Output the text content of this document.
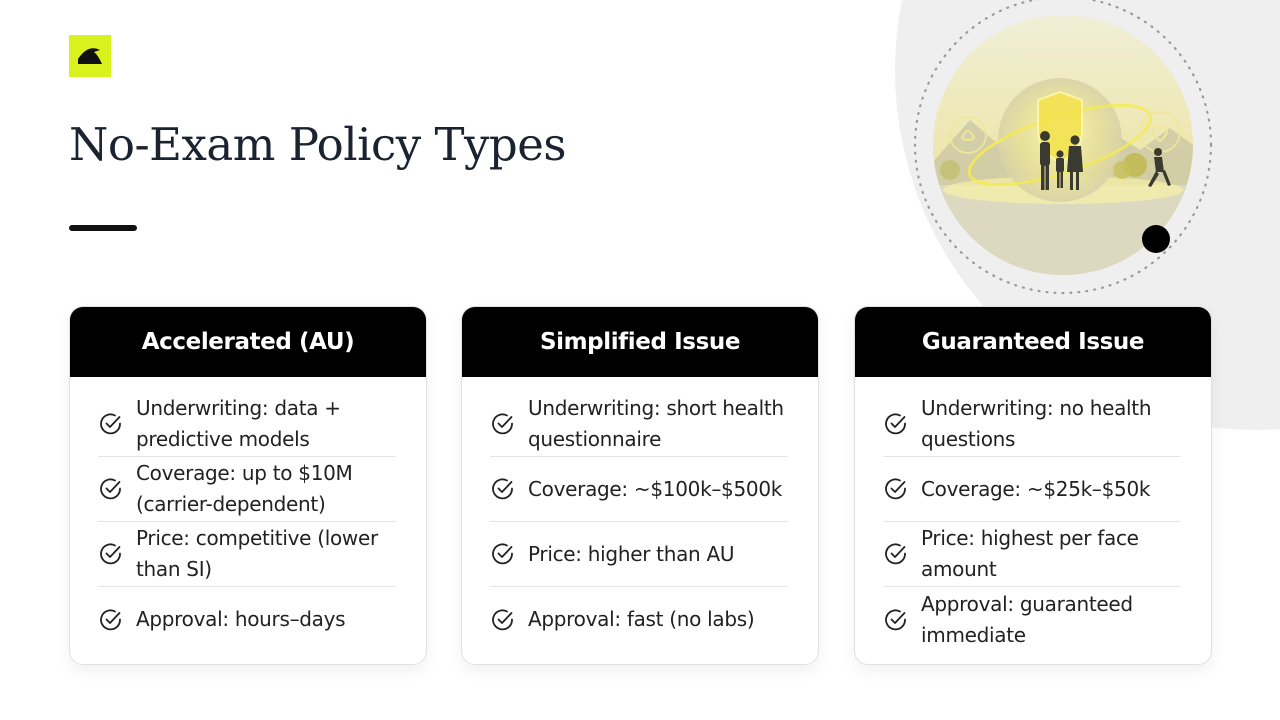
No-Exam Policy Types
Accelerated (AU)
Underwriting: data + predictive models
Coverage: up to $10M (carrier-dependent)
Price: competitive (lower than SI)
Approval: hours–days
Simplified Issue
Underwriting: short health questionnaire
Coverage: ~$100k–$500k
Price: higher than AU
Approval: fast (no labs)
Guaranteed Issue
Underwriting: no health questions
Coverage: ~$25k–$50k
Price: highest per face amount
Approval: guaranteed immediate
